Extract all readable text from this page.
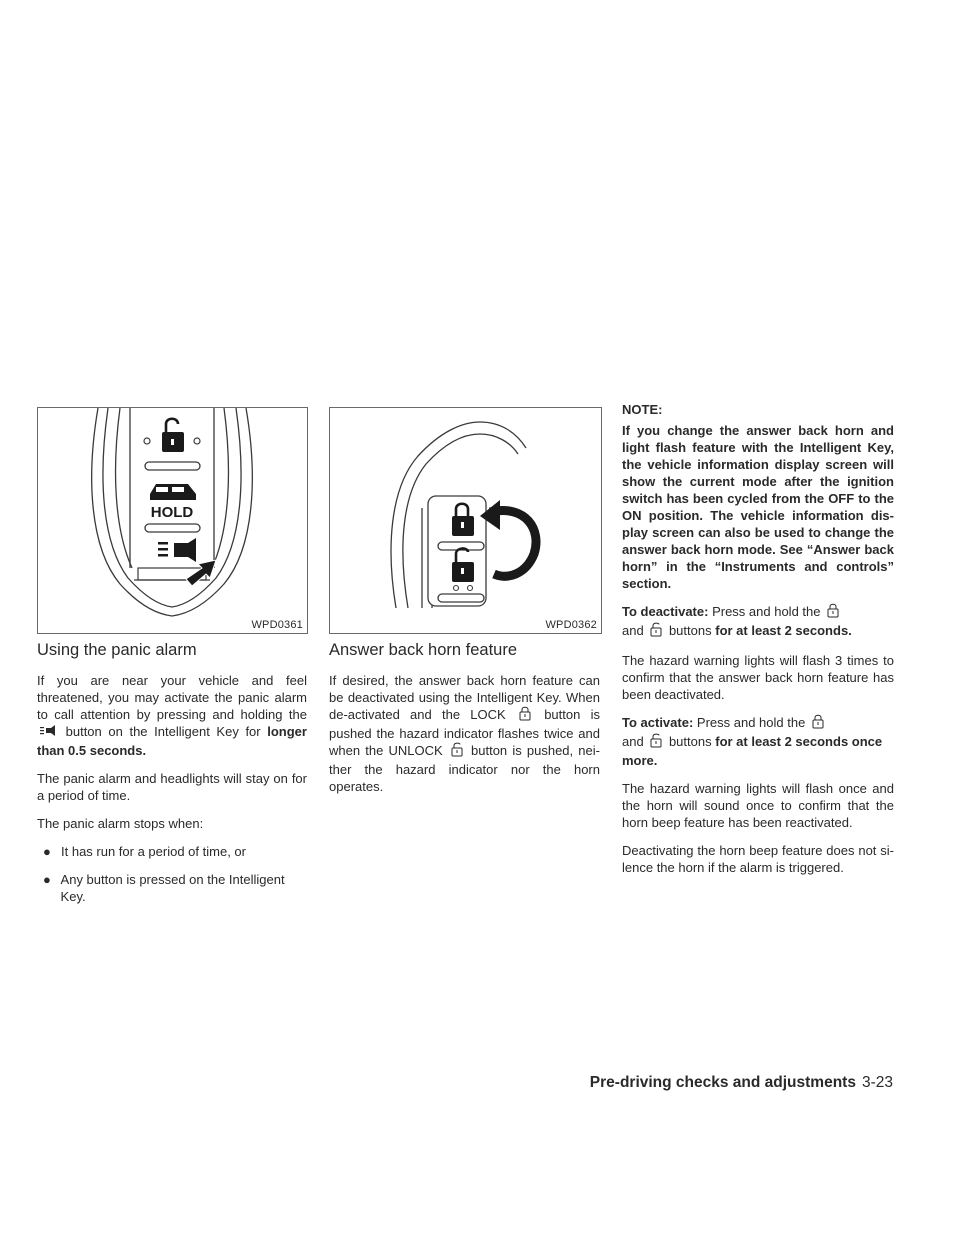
HOLD
WPD0361	WPD0362
Using the panic alarm

If you are near your vehicle and feel threatened, you may activate the panic alarm to call attention by pressing and holding the  button on the Intelligent Key for longer than 0.5 seconds.

The panic alarm and headlights will stay on for a period of time.

The panic alarm stops when:

● It has run for a period of time, or
● Any button is pressed on the Intelligent Key.
Answer back horn feature

If desired, the answer back horn feature can be deactivated using the Intelligent Key. When de-activated and the LOCK	button is pushed the hazard indicator flashes twice and when the UNLOCK button is pushed, nei-ther the hazard indicator nor the horn operates.

NOTE:

If you change the answer back horn and light flash feature with the Intelligent Key, the vehicle information display screen will show the current mode after the ignition switch has been cycled from the OFF to the ON position. The vehicle information dis-play screen can also be used to change the answer back horn mode. See “Answer back horn” in the “Instruments and controls” section.

To deactivate: Press and hold the
and buttons for at least 2 seconds.

The hazard warning lights will flash 3 times to confirm that the answer back horn feature has been deactivated.

To activate: Press and hold the
and buttons for at least 2 seconds once more.

The hazard warning lights will flash once and the horn will sound once to confirm that the horn beep feature has been reactivated.

Deactivating the horn beep feature does not si-lence the horn if the alarm is triggered.

Pre-driving checks and adjustments 3-23
